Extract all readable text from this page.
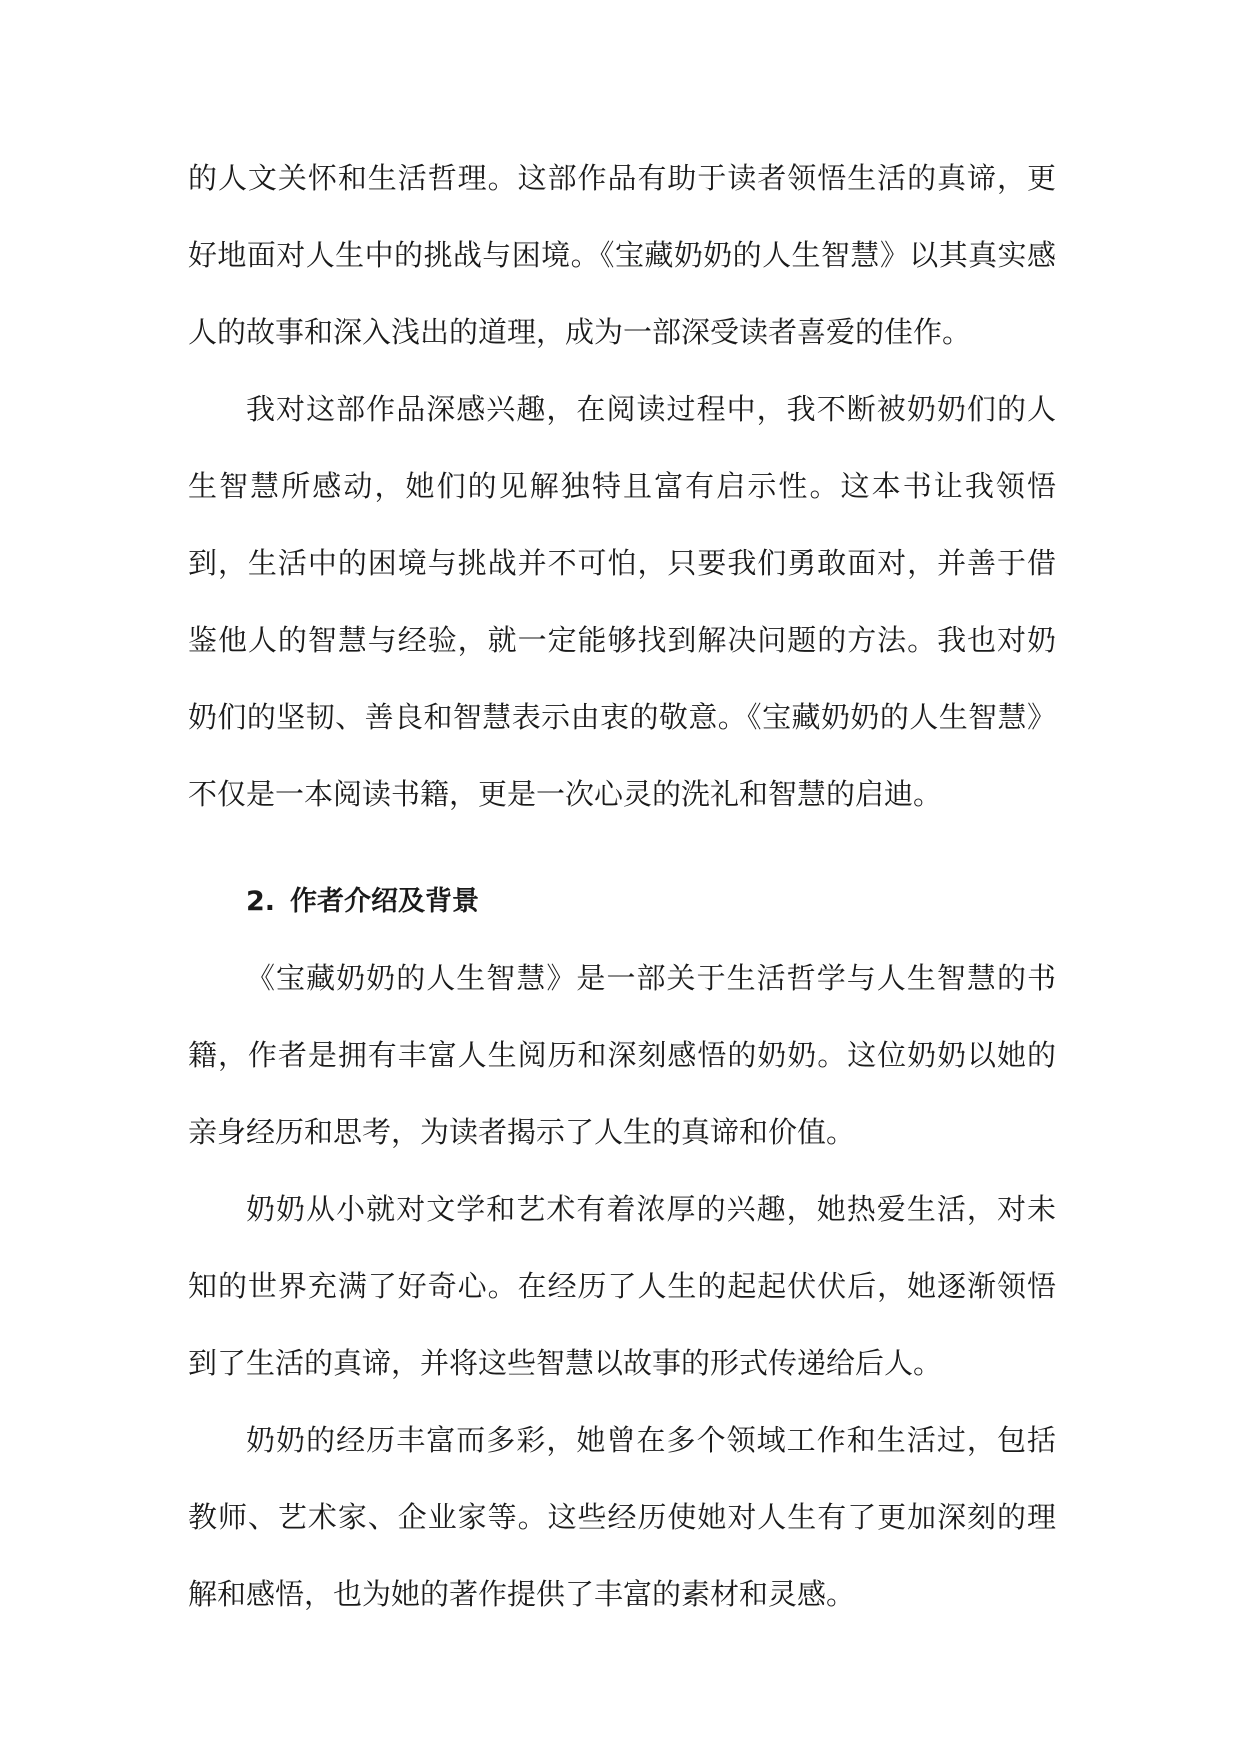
的人文关怀和生活哲理。这部作品有助于读者领悟生活的真谛，更好地面对人生中的挑战与困境。《宝藏奶奶的人生智慧》以其真实感人的故事和深入浅出的道理，成为一部深受读者喜爱的佳作。

我对这部作品深感兴趣，在阅读过程中，我不断被奶奶们的人生智慧所感动，她们的见解独特且富有启示性。这本书让我领悟到，生活中的困境与挑战并不可怕，只要我们勇敢面对，并善于借鉴他人的智慧与经验，就一定能够找到解决问题的方法。我也对奶奶们的坚韧、善良和智慧表示由衷的敬意。《宝藏奶奶的人生智慧》不仅是一本阅读书籍，更是一次心灵的洗礼和智慧的启迪。

2. 作者介绍及背景

《宝藏奶奶的人生智慧》是一部关于生活哲学与人生智慧的书籍，作者是拥有丰富人生阅历和深刻感悟的奶奶。这位奶奶以她的亲身经历和思考，为读者揭示了人生的真谛和价值。

奶奶从小就对文学和艺术有着浓厚的兴趣，她热爱生活，对未知的世界充满了好奇心。在经历了人生的起起伏伏后，她逐渐领悟到了生活的真谛，并将这些智慧以故事的形式传递给后人。

奶奶的经历丰富而多彩，她曾在多个领域工作和生活过，包括教师、艺术家、企业家等。这些经历使她对人生有了更加深刻的理解和感悟，也为她的著作提供了丰富的素材和灵感。
